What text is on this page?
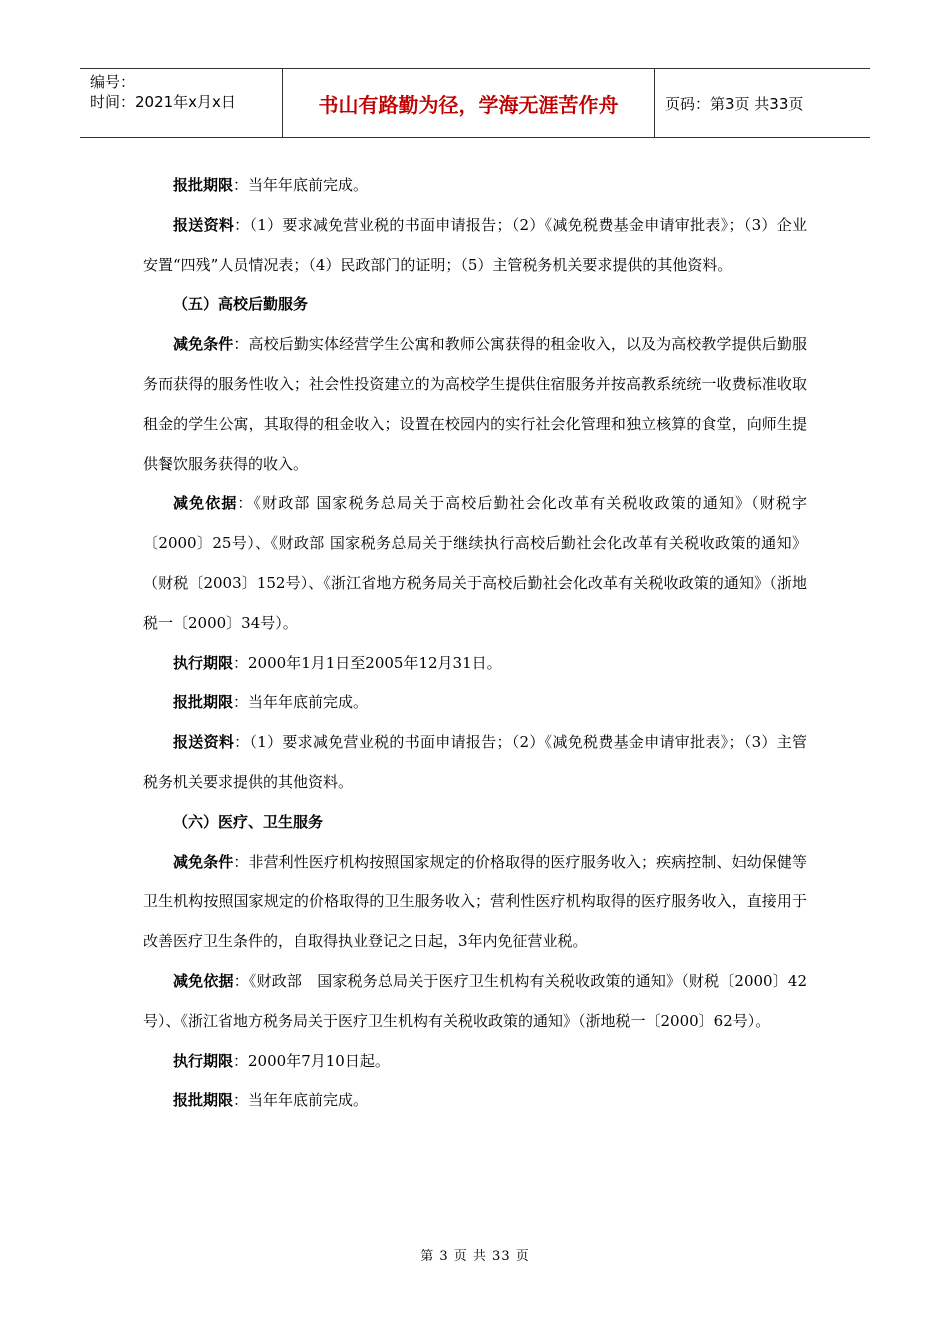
编号：
时间：2021年x月x日	书山有路勤为径，学海无涯苦作舟	页码：第3页 共33页

报批期限：当年年底前完成。

报送资料：（1）要求减免营业税的书面申请报告；（2）《减免税费基金申请审批表》；（3）企业安置“四残”人员情况表；（4）民政部门的证明；（5）主管税务机关要求提供的其他资料。

（五）高校后勤服务

减免条件：高校后勤实体经营学生公寓和教师公寓获得的租金收入，以及为高校教学提供后勤服务而获得的服务性收入；社会性投资建立的为高校学生提供住宿服务并按高教系统统一收费标准收取租金的学生公寓，其取得的租金收入；设置在校园内的实行社会化管理和独立核算的食堂，向师生提供餐饮服务获得的收入。

减免依据：《财政部 国家税务总局关于高校后勤社会化改革有关税收政策的通知》（财税字〔2000〕25号）、《财政部 国家税务总局关于继续执行高校后勤社会化改革有关税收政策的通知》（财税〔2003〕152号）、《浙江省地方税务局关于高校后勤社会化改革有关税收政策的通知》（浙地税一〔2000〕34号）。

执行期限：2000年1月1日至2005年12月31日。

报批期限：当年年底前完成。

报送资料：（1）要求减免营业税的书面申请报告；（2）《减免税费基金申请审批表》；（3）主管税务机关要求提供的其他资料。

（六）医疗、卫生服务

减免条件：非营利性医疗机构按照国家规定的价格取得的医疗服务收入；疾病控制、妇幼保健等卫生机构按照国家规定的价格取得的卫生服务收入；营利性医疗机构取得的医疗服务收入，直接用于改善医疗卫生条件的，自取得执业登记之日起，3年内免征营业税。

减免依据：《财政部　国家税务总局关于医疗卫生机构有关税收政策的通知》（财税〔2000〕42号）、《浙江省地方税务局关于医疗卫生机构有关税收政策的通知》（浙地税一〔2000〕62号）。

执行期限：2000年7月10日起。

报批期限：当年年底前完成。

第 3 页 共 33 页
